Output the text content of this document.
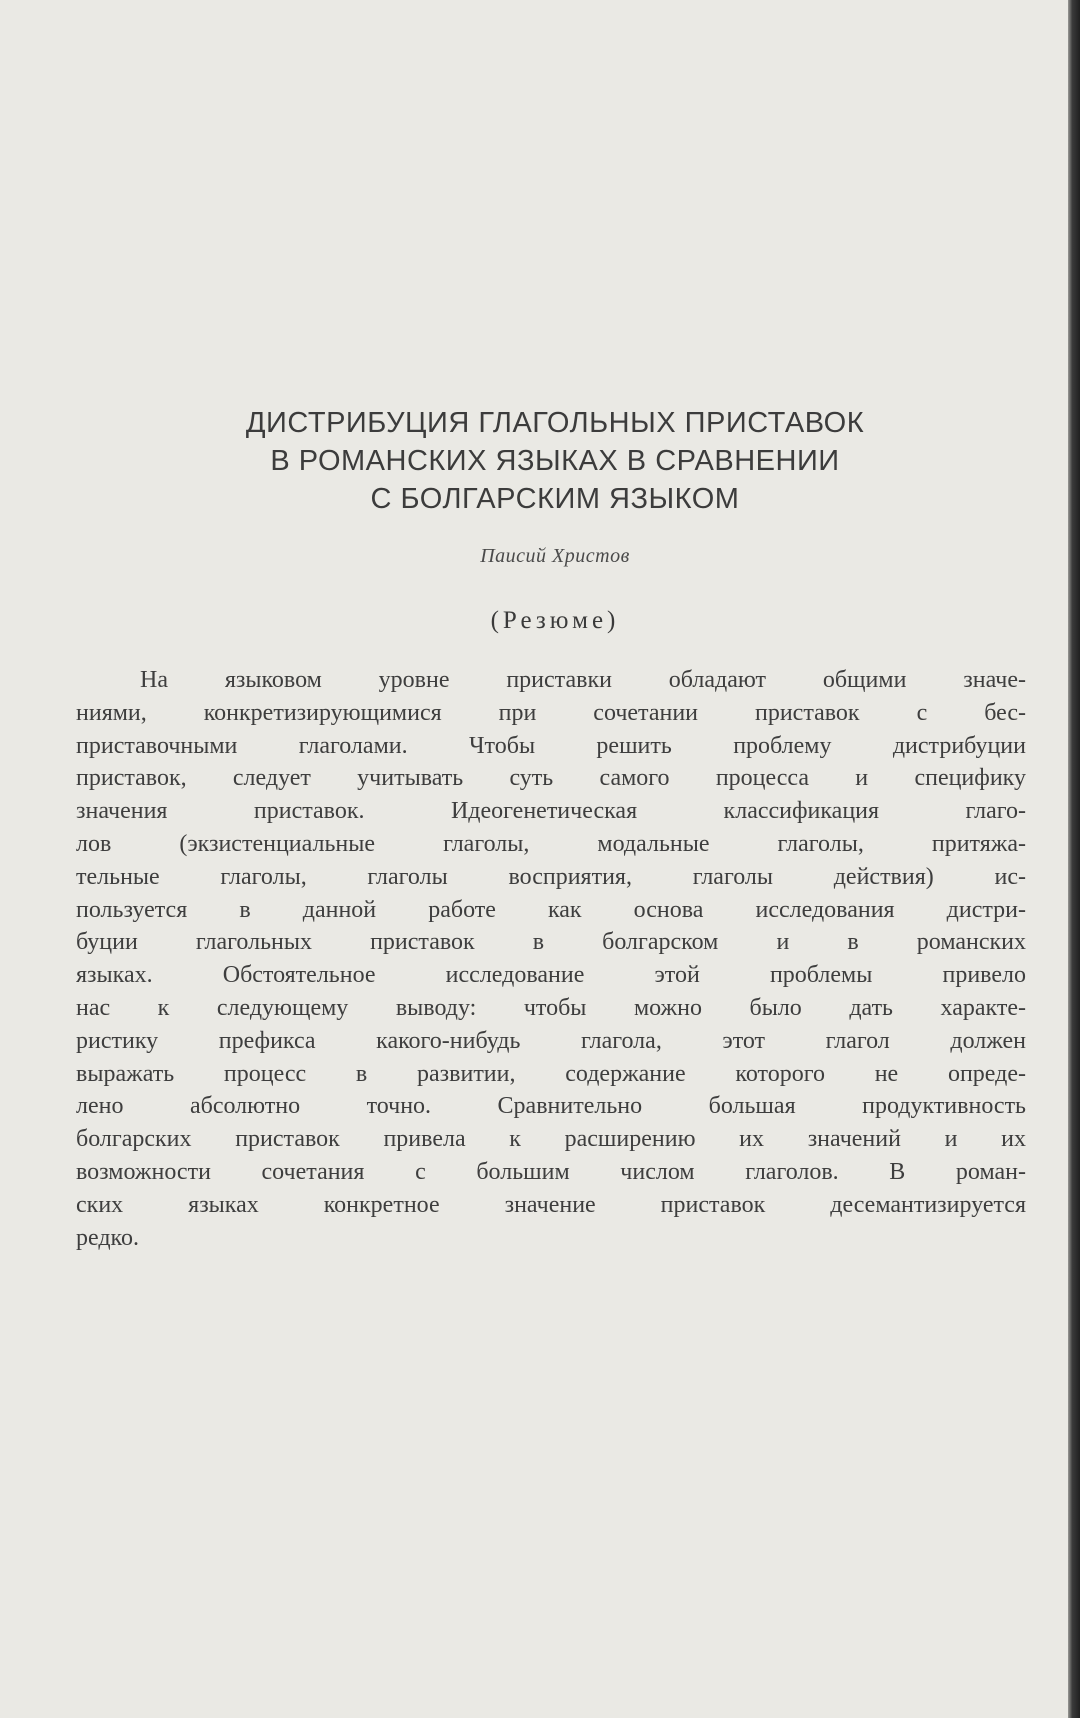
ДИСТРИБУЦИЯ ГЛАГОЛЬНЫХ ПРИСТАВОК
В РОМАНСКИХ ЯЗЫКАХ В СРАВНЕНИИ
С БОЛГАРСКИМ ЯЗЫКОМ
Паисий Христов
(Резюме)
На языковом уровне приставки обладают общими значе-
ниями, конкретизирующимися при сочетании приставок с бес-
приставочными глаголами. Чтобы решить проблему дистрибуции
приставок, следует учитывать суть самого процесса и специфику
значения приставок. Идеогенетическая классификация глаго-
лов (экзистенциальные глаголы, модальные глаголы, притяжа-
тельные глаголы, глаголы восприятия, глаголы действия) ис-
пользуется в данной работе как основа исследования дистри-
буции глагольных приставок в болгарском и в романских
языках. Обстоятельное исследование этой проблемы привело
нас к следующему выводу: чтобы можно было дать характе-
ристику префикса какого-нибудь глагола, этот глагол должен
выражать процесс в развитии, содержание которого не опреде-
лено абсолютно точно. Сравнительно большая продуктивность
болгарских приставок привела к расширению их значений и их
возможности сочетания с большим числом глаголов. В роман-
ских языках конкретное значение приставок десемантизируется
редко.
